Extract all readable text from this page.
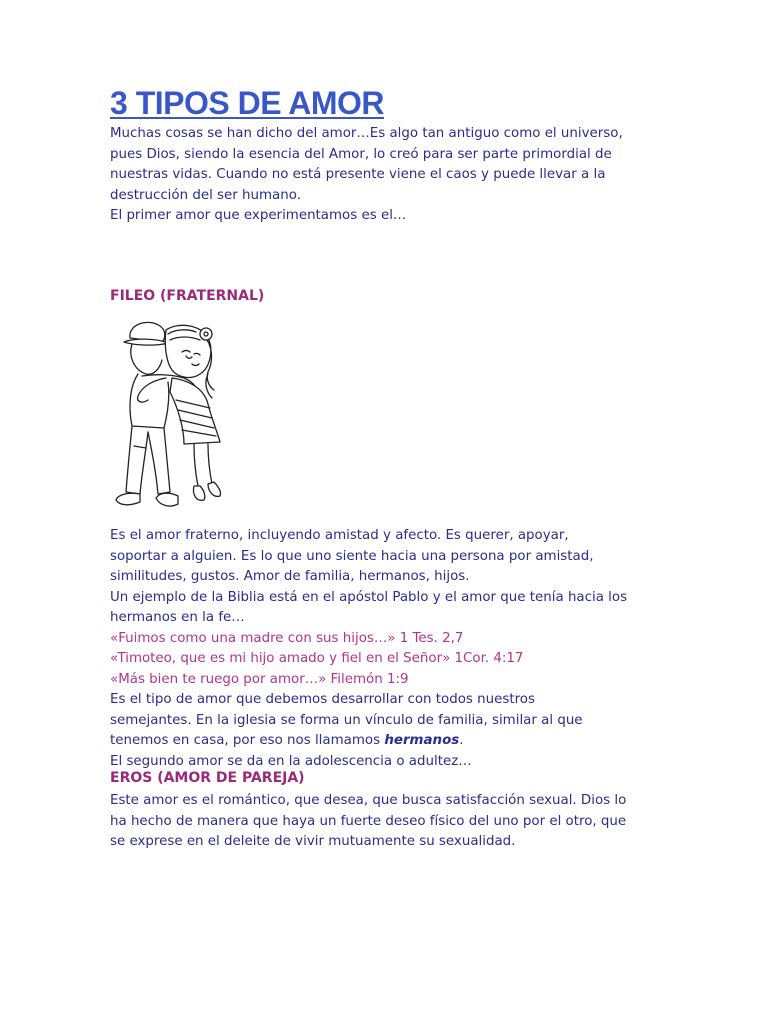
3 TIPOS DE AMOR
Muchas cosas se han dicho del amor…Es algo tan antiguo como el universo,
pues Dios, siendo la esencia del Amor, lo creó para ser parte primordial de
nuestras vidas. Cuando no está presente viene el caos y puede llevar a la
destrucción del ser humano.
El primer amor que experimentamos es el…
FILEO (FRATERNAL)
Es el amor fraterno, incluyendo amistad y afecto. Es querer, apoyar,
soportar a alguien. Es lo que uno siente hacia una persona por amistad,
similitudes, gustos. Amor de familia, hermanos, hijos.
Un ejemplo de la Biblia está en el apóstol Pablo y el amor que tenía hacia los
hermanos en la fe…
«Fuimos como una madre con sus hijos…» 1 Tes. 2,7
«Timoteo, que es mi hijo amado y fiel en el Señor» 1Cor. 4:17
«Más bien te ruego por amor…» Filemón 1:9
Es el tipo de amor que debemos desarrollar con todos nuestros
semejantes. En la iglesia se forma un vínculo de familia, similar al que
tenemos en casa, por eso nos llamamos hermanos.
El segundo amor se da en la adolescencia o adultez…
EROS (AMOR DE PAREJA)
Este amor es el romántico, que desea, que busca satisfacción sexual. Dios lo
ha hecho de manera que haya un fuerte deseo físico del uno por el otro, que
se exprese en el deleite de vivir mutuamente su sexualidad.
